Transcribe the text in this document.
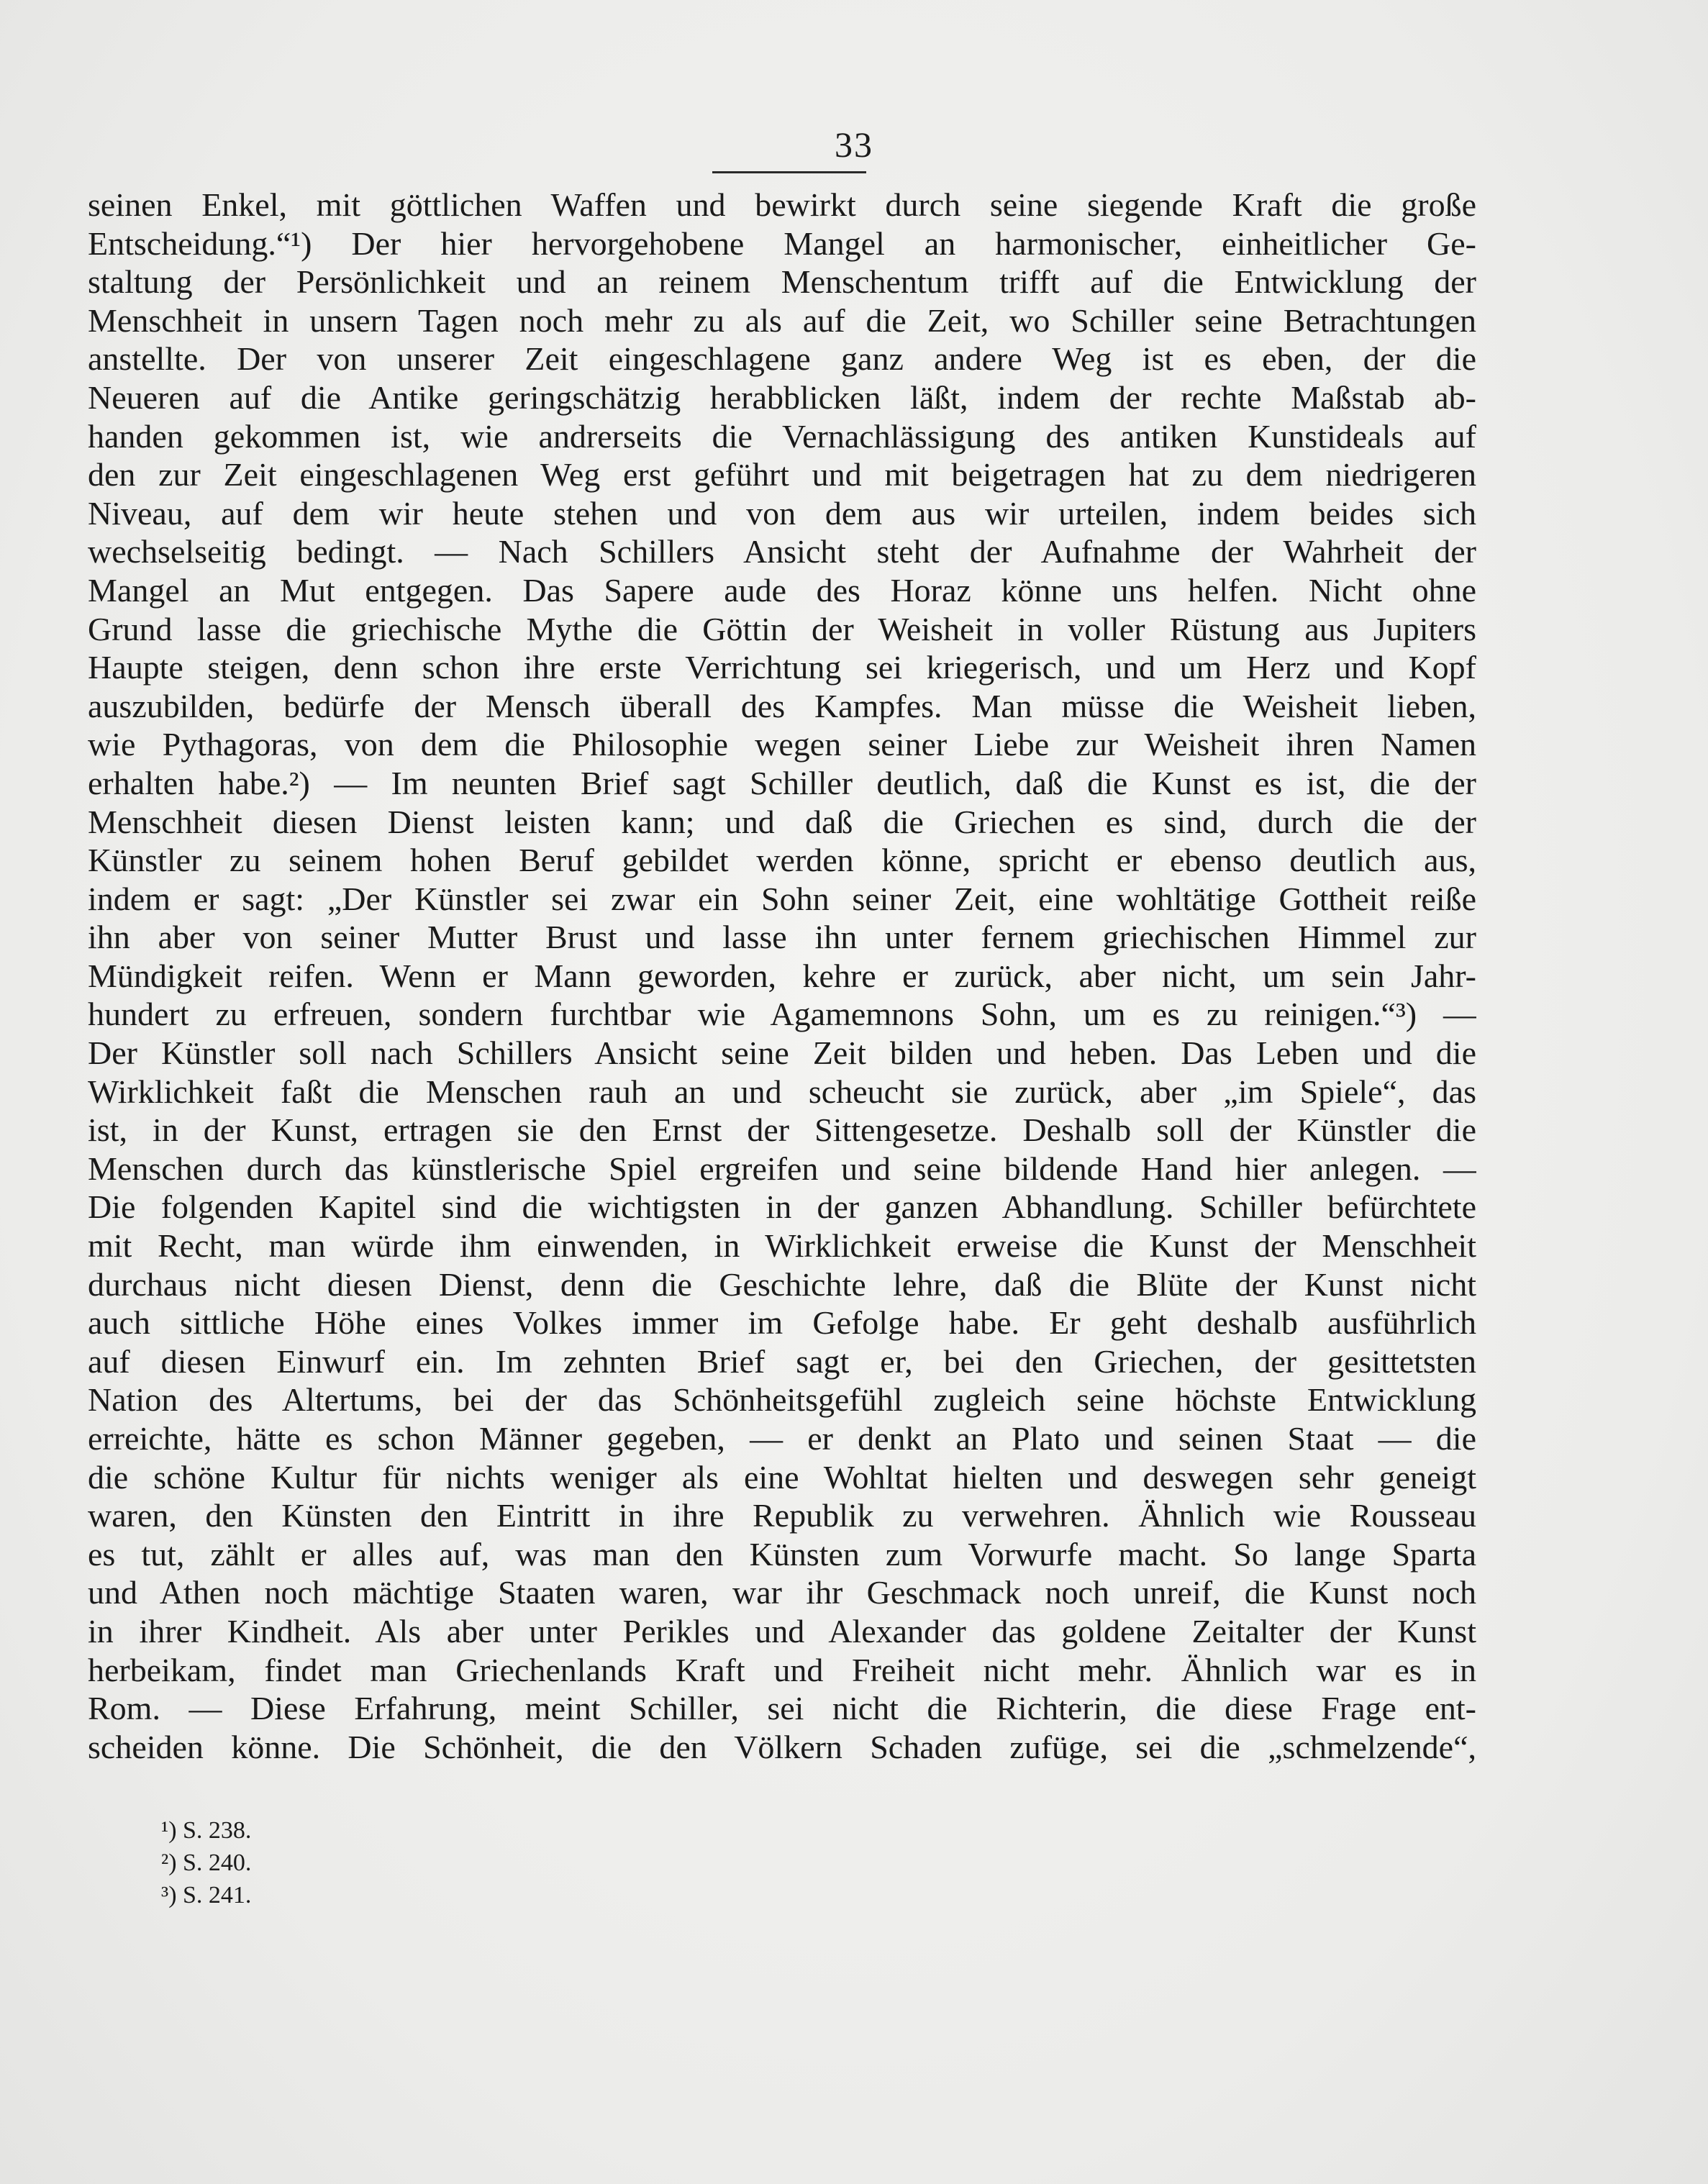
33
seinen Enkel, mit göttlichen Waffen und bewirkt durch seine siegende Kraft die große
Entscheidung.“¹) Der hier hervorgehobene Mangel an harmonischer, einheitlicher Ge-
staltung der Persönlichkeit und an reinem Menschentum trifft auf die Entwicklung der
Menschheit in unsern Tagen noch mehr zu als auf die Zeit, wo Schiller seine Betrachtungen
anstellte. Der von unserer Zeit eingeschlagene ganz andere Weg ist es eben, der die
Neueren auf die Antike geringschätzig herabblicken läßt, indem der rechte Maßstab ab-
handen gekommen ist, wie andrerseits die Vernachlässigung des antiken Kunstideals auf
den zur Zeit eingeschlagenen Weg erst geführt und mit beigetragen hat zu dem niedrigeren
Niveau, auf dem wir heute stehen und von dem aus wir urteilen, indem beides sich
wechselseitig bedingt. — Nach Schillers Ansicht steht der Aufnahme der Wahrheit der
Mangel an Mut entgegen. Das Sapere aude des Horaz könne uns helfen. Nicht ohne
Grund lasse die griechische Mythe die Göttin der Weisheit in voller Rüstung aus Jupiters
Haupte steigen, denn schon ihre erste Verrichtung sei kriegerisch, und um Herz und Kopf
auszubilden, bedürfe der Mensch überall des Kampfes. Man müsse die Weisheit lieben,
wie Pythagoras, von dem die Philosophie wegen seiner Liebe zur Weisheit ihren Namen
erhalten habe.²) — Im neunten Brief sagt Schiller deutlich, daß die Kunst es ist, die der
Menschheit diesen Dienst leisten kann; und daß die Griechen es sind, durch die der
Künstler zu seinem hohen Beruf gebildet werden könne, spricht er ebenso deutlich aus,
indem er sagt: „Der Künstler sei zwar ein Sohn seiner Zeit, eine wohltätige Gottheit reiße
ihn aber von seiner Mutter Brust und lasse ihn unter fernem griechischen Himmel zur
Mündigkeit reifen. Wenn er Mann geworden, kehre er zurück, aber nicht, um sein Jahr-
hundert zu erfreuen, sondern furchtbar wie Agamemnons Sohn, um es zu reinigen.“³) —
Der Künstler soll nach Schillers Ansicht seine Zeit bilden und heben. Das Leben und die
Wirklichkeit faßt die Menschen rauh an und scheucht sie zurück, aber „im Spiele“, das
ist, in der Kunst, ertragen sie den Ernst der Sittengesetze. Deshalb soll der Künstler die
Menschen durch das künstlerische Spiel ergreifen und seine bildende Hand hier anlegen. —
Die folgenden Kapitel sind die wichtigsten in der ganzen Abhandlung. Schiller befürchtete
mit Recht, man würde ihm einwenden, in Wirklichkeit erweise die Kunst der Menschheit
durchaus nicht diesen Dienst, denn die Geschichte lehre, daß die Blüte der Kunst nicht
auch sittliche Höhe eines Volkes immer im Gefolge habe. Er geht deshalb ausführlich
auf diesen Einwurf ein. Im zehnten Brief sagt er, bei den Griechen, der gesittetsten
Nation des Altertums, bei der das Schönheitsgefühl zugleich seine höchste Entwicklung
erreichte, hätte es schon Männer gegeben, — er denkt an Plato und seinen Staat — die
die schöne Kultur für nichts weniger als eine Wohltat hielten und deswegen sehr geneigt
waren, den Künsten den Eintritt in ihre Republik zu verwehren. Ähnlich wie Rousseau
es tut, zählt er alles auf, was man den Künsten zum Vorwurfe macht. So lange Sparta
und Athen noch mächtige Staaten waren, war ihr Geschmack noch unreif, die Kunst noch
in ihrer Kindheit. Als aber unter Perikles und Alexander das goldene Zeitalter der Kunst
herbeikam, findet man Griechenlands Kraft und Freiheit nicht mehr. Ähnlich war es in
Rom. — Diese Erfahrung, meint Schiller, sei nicht die Richterin, die diese Frage ent-
scheiden könne. Die Schönheit, die den Völkern Schaden zufüge, sei die „schmelzende“,
¹) S. 238.
²) S. 240.
³) S. 241.
